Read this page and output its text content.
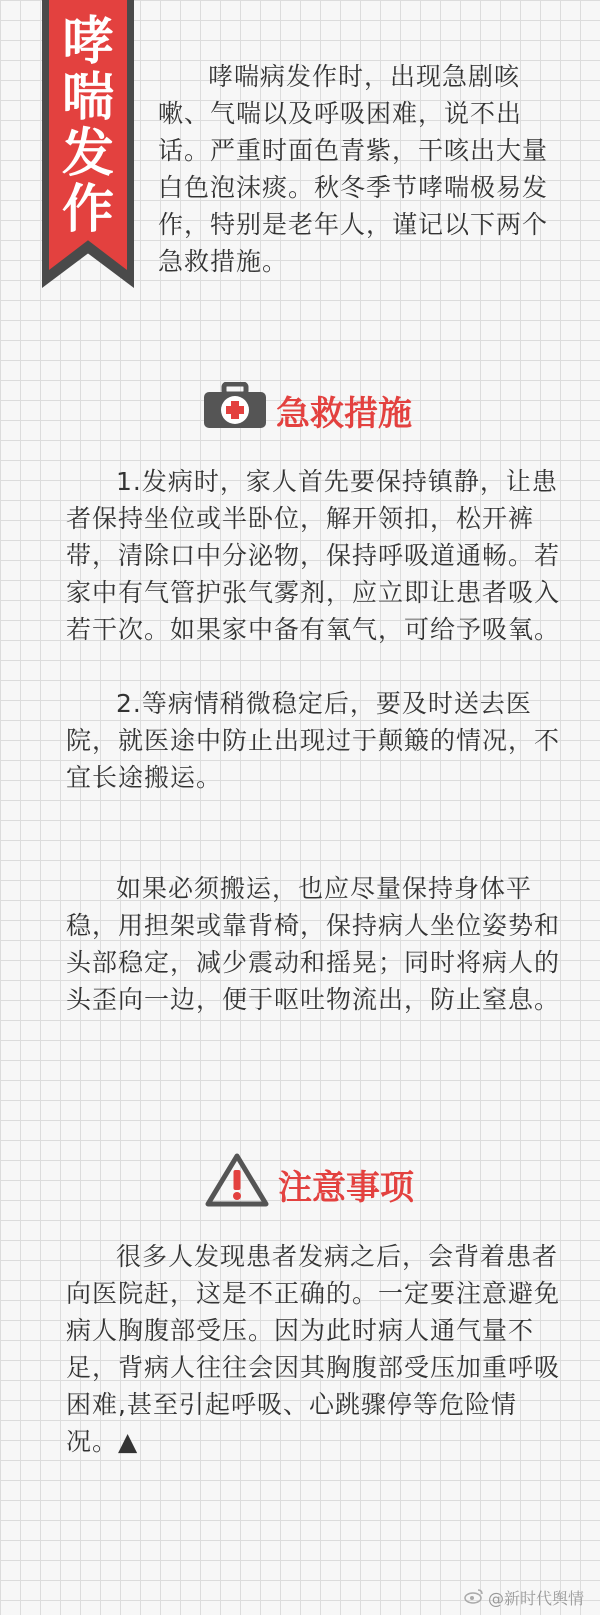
哮
喘
发
作

哮喘病发作时，出现急剧咳嗽、气喘以及呼吸困难，说不出话。严重时面色青紫，干咳出大量白色泡沫痰。秋冬季节哮喘极易发作，特别是老年人，谨记以下两个急救措施。

急救措施

1.发病时，家人首先要保持镇静，让患者保持坐位或半卧位，解开领扣，松开裤带，清除口中分泌物，保持呼吸道通畅。若家中有气管护张气雾剂，应立即让患者吸入若干次。如果家中备有氧气，可给予吸氧。

2.等病情稍微稳定后，要及时送去医院，就医途中防止出现过于颠簸的情况，不宜长途搬运。

如果必须搬运，也应尽量保持身体平稳，用担架或靠背椅，保持病人坐位姿势和头部稳定，减少震动和摇晃；同时将病人的头歪向一边，便于呕吐物流出，防止窒息。

注意事项

很多人发现患者发病之后，会背着患者向医院赶，这是不正确的。一定要注意避免病人胸腹部受压。因为此时病人通气量不足，背病人往往会因其胸腹部受压加重呼吸困难,甚至引起呼吸、心跳骤停等危险情况。▲

@新时代舆情
